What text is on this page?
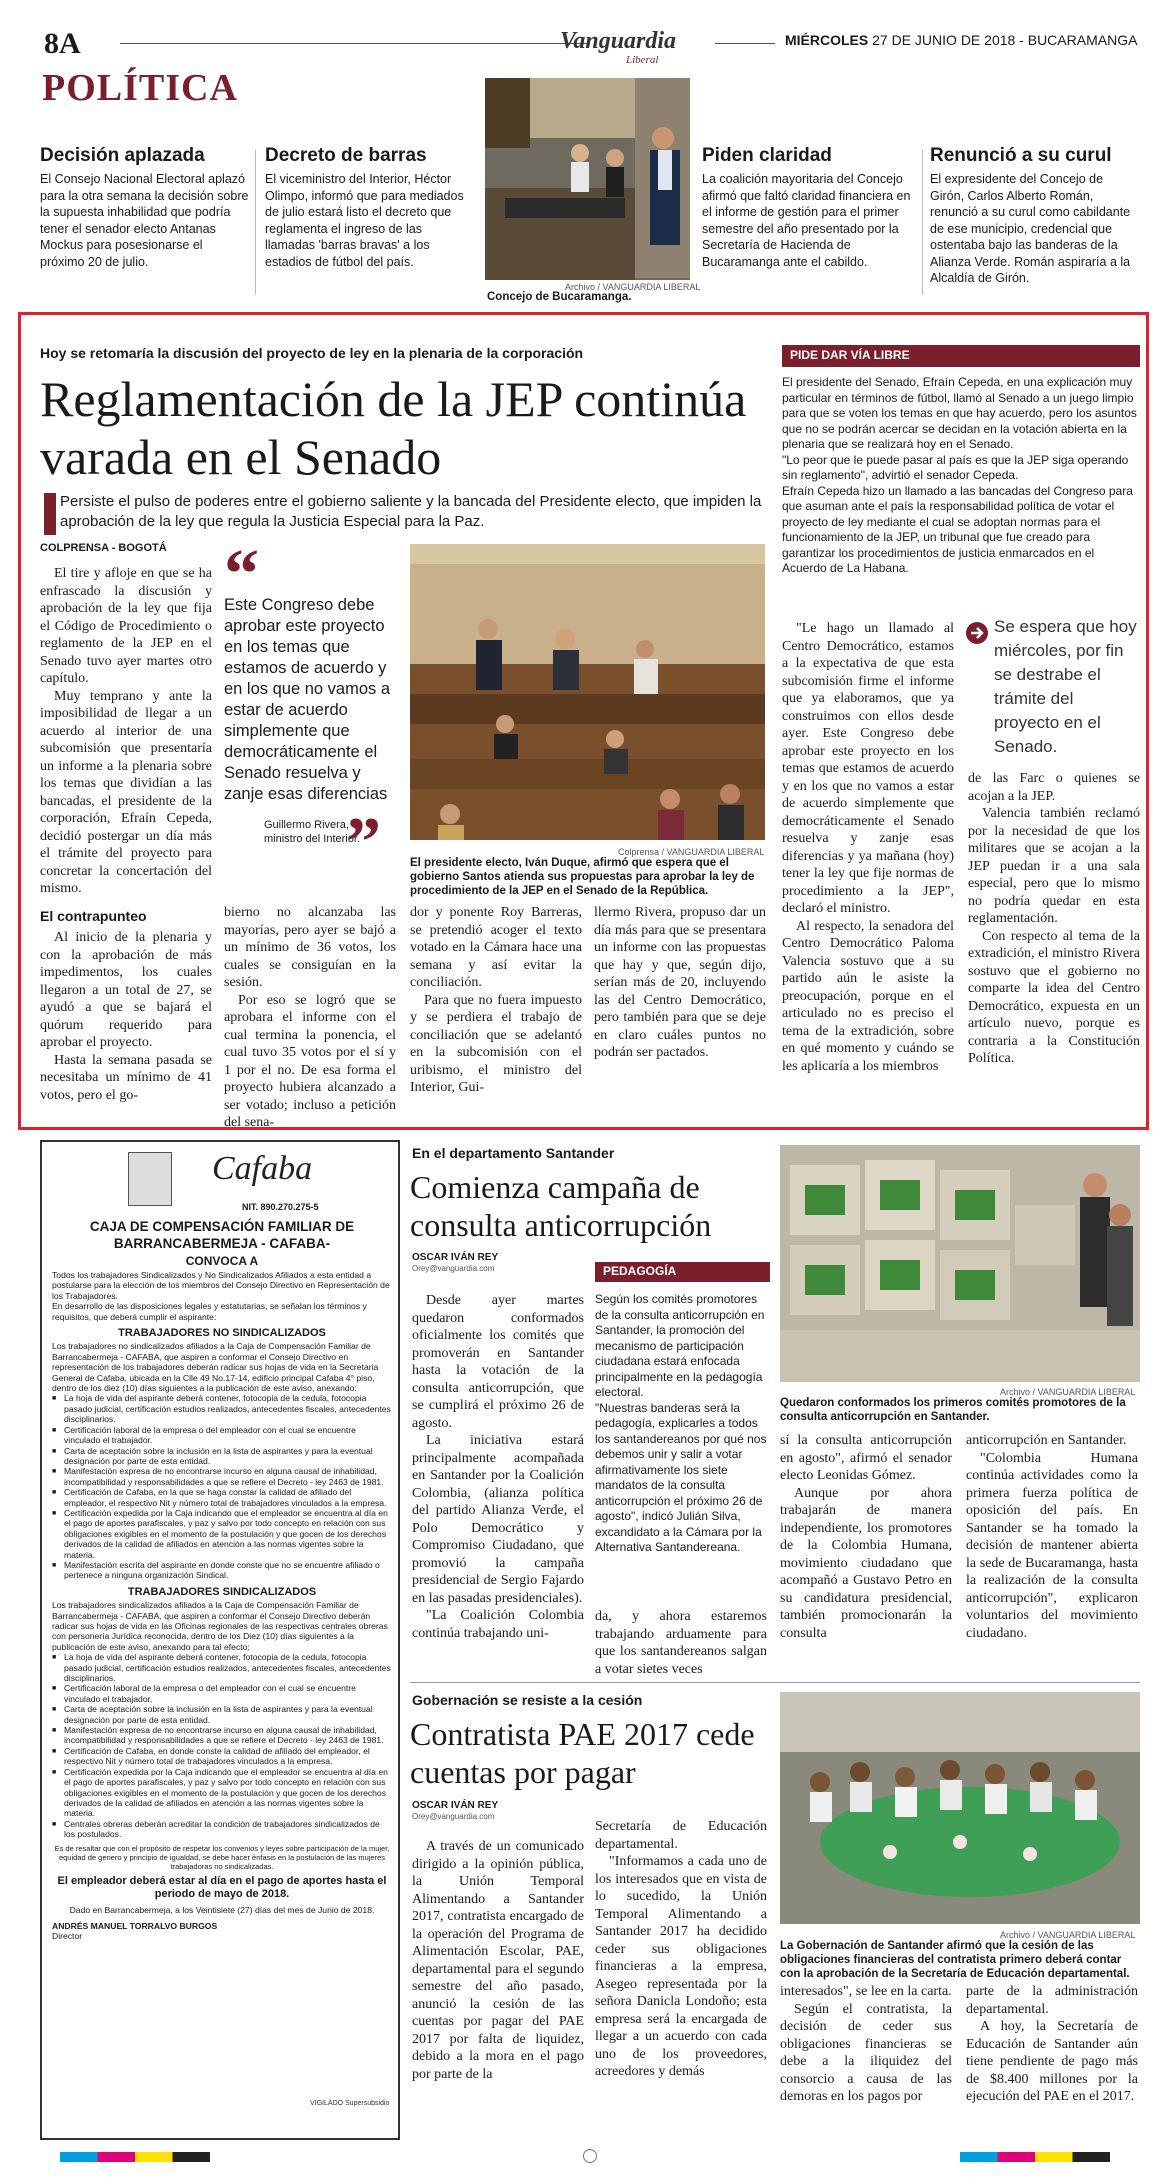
8A	Vanguardia
Liberal
MIÉRCOLES 27 DE JUNIO DE 2018 - BUCARAMANGA
POLÍTICA
Decisión aplazada
El Consejo Nacional Electoral aplazó para la otra semana la decisión sobre la supuesta inhabilidad que podría tener el senador electo Antanas Mockus para posesionarse el próximo 20 de julio.
Decreto de barras
El viceministro del Interior, Héctor Olimpo, informó que para mediados de julio estará listo el decreto que reglamenta el ingreso de las llamadas 'barras bravas' a los estadios de fútbol del país.
Archivo / VANGUARDIA LIBERAL
Concejo de Bucaramanga.
Piden claridad
La coalición mayoritaria del Concejo afirmó que faltó claridad financiera en el informe de gestión para el primer semestre del año presentado por la Secretaría de Hacienda de Bucaramanga ante el cabildo.
Renunció a su curul
El expresidente del Concejo de Girón, Carlos Alberto Román, renunció a su curul como cabildante de ese municipio, credencial que ostentaba bajo las banderas de la Alianza Verde. Román aspiraría a la Alcaldía de Girón.
Hoy se retomaría la discusión del proyecto de ley en la plenaria de la corporación
Reglamentación de la JEP continúa varada en el Senado
Persiste el pulso de poderes entre el gobierno saliente y la bancada del Presidente electo, que impiden la aprobación de la ley que regula la Justicia Especial para la Paz.
COLPRENSA - BOGOTÁ

El tire y afloje en que se ha enfrascado la discusión y aprobación de la ley que fija el Código de Procedimiento o reglamento de la JEP en el Senado tuvo ayer martes otro capítulo.

Muy temprano y ante la imposibilidad de llegar a un acuerdo al interior de una subcomisión que presentaría un informe a la plenaria sobre los temas que dividían a las bancadas, el presidente de la corporación, Efraín Cepeda, decidió postergar un día más el trámite del proyecto para concretar la concertación del mismo.

El contrapunteo

Al inicio de la plenaria y con la aprobación de más impedimentos, los cuales llegaron a un total de 27, se ayudó a que se bajará el quórum requerido para aprobar el proyecto.

Hasta la semana pasada se necesitaba un mínimo de 41 votos, pero el go-

“
Este Congreso debe aprobar este proyecto en los temas que estamos de acuerdo y en los que no vamos a estar de acuerdo simplemente que democráticamente el Senado resuelva y zanje esas diferencias
Guillermo Rivera, ministro del Interior.
”	Colprensa / VANGUARDIA LIBERAL
El presidente electo, Iván Duque, afirmó que espera que el gobierno Santos atienda sus propuestas para aprobar la ley de procedimiento de la JEP en el Senado de la República.

bierno no alcanzaba las mayorías, pero ayer se bajó a un mínimo de 36 votos, los cuales se consiguían en la sesión.

Por eso se logró que se aprobara el informe con el cual termina la ponencia, el cual tuvo 35 votos por el sí y 1 por el no. De esa forma el proyecto hubiera alcanzado a ser votado; incluso a petición del sena-

dor y ponente Roy Barreras, se pretendió acoger el texto votado en la Cámara hace una semana y así evitar la conciliación.

Para que no fuera impuesto y se perdiera el trabajo de conciliación que se adelantó en la subcomisión con el uribismo, el ministro del Interior, Gui-

llermo Rivera, propuso dar un día más para que se presentara un informe con las propuestas que hay y que, según dijo, serían más de 20, incluyendo las del Centro Democrático, pero también para que se deje en claro cuáles puntos no podrán ser pactados.

PIDE DAR VÍA LIBRE

El presidente del Senado, Efraín Cepeda, en una explicación muy particular en términos de fútbol, llamó al Senado a un juego limpio para que se voten los temas en que hay acuerdo, pero los asuntos que no se podrán acercar se decidan en la votación abierta en la plenaria que se realizará hoy en el Senado.

"Lo peor que le puede pasar al país es que la JEP siga operando sin reglamento", advirtió el senador Cepeda.

Efraín Cepeda hizo un llamado a las bancadas del Congreso para que asuman ante el país la responsabilidad política de votar el proyecto de ley mediante el cual se adoptan normas para el funcionamiento de la JEP, un tribunal que fue creado para garantizar los procedimientos de justicia enmarcados en el Acuerdo de La Habana.

"Le hago un llamado al Centro Democrático, estamos a la expectativa de que esta subcomisión firme el informe que ya elaboramos, que ya construimos con ellos desde ayer. Este Congreso debe aprobar este proyecto en los temas que estamos de acuerdo y en los que no vamos a estar de acuerdo simplemente que democráticamente el Senado resuelva y zanje esas diferencias y ya mañana (hoy) tener la ley que fije normas de procedimiento a la JEP", declaró el ministro.

Al respecto, la senadora del Centro Democrático Paloma Valencia sostuvo que a su partido aún le asiste la preocupación, porque en el articulado no es preciso el tema de la extradición, sobre en qué momento y cuándo se les aplicaría a los miembros

Se espera que hoy miércoles, por fin se destrabe el trámite del proyecto en el Senado.

de las Farc o quienes se acojan a la JEP.

Valencia también reclamó por la necesidad de que los militares que se acojan a la JEP puedan ir a una sala especial, pero que lo mismo no podría quedar en esta reglamentación.

Con respecto al tema de la extradición, el ministro Rivera sostuvo que el gobierno no comparte la idea del Centro Democrático, expuesta en un artículo nuevo, porque es contraria a la Constitución Política.

Cafaba
NIT. 890.270.275-5
CAJA DE COMPENSACIÓN FAMILIAR DE BARRANCABERMEJA - CAFABA-
CONVOCA A

Todos los trabajadores Sindicalizados y No Sindicalizados Afiliados a esta entidad a postularse para la elección de los miembros del Consejo Directivo en Representación de los Trabajadores.

En desarrollo de las disposiciones legales y estatutarias, se señalan los términos y requisitos, que deberá cumplir el aspirante:

TRABAJADORES NO SINDICALIZADOS

Los trabajadores no sindicalizados afiliados a la Caja de Compensación Familiar de Barrancabermeja - CAFABA, que aspiren a conformar el Consejo Directivo en representación de los trabajadores deberán radicar sus hojas de vida en la Secretaria General de Cafaba, ubicada en la Clle 49 No.17-14, edificio principal Cafaba 4° piso, dentro de los diez (10) días siguientes a la publicación de este aviso, anexando:

■ La hoja de vida del aspirante deberá contener, fotocopia de la cedula, fotocopia pasado judicial, certificación estudios realizados, antecedentes fiscales, antecedentes disciplinarios.
■ Certificación laboral de la empresa o del empleador con el cual se encuentre vinculado el trabajador.
■ Carta de aceptación sobre la inclusión en la lista de aspirantes y para la eventual designación por parte de esta entidad.
■ Manifestación expresa de no encontrarse incurso en alguna causal de inhabilidad, incompatibilidad y responsabilidades a que se refiere el Decreto - ley 2463 de 1981.
■ Certificación de Cafaba, en la que se haga constar la calidad de afiliado del empleador, el respectivo Nit y número total de trabajadores vinculados a la empresa.
■ Certificación expedida por la Caja indicando que el empleador se encuentra al día en el pago de aportes parafiscales, y paz y salvo por todo concepto en relación con sus obligaciones exigibles en el momento de la postulación y que gocen de los derechos derivados de la calidad de afiliados en atención a las normas vigentes sobre la materia.
■ Manifestación escrita del aspirante en donde conste que no se encuentre afiliado o pertenece a ninguna organización Sindical.
TRABAJADORES SINDICALIZADOS

Los trabajadores sindicalizados afiliados a la Caja de Compensación Familiar de Barrancabermeja - CAFABA, que aspiren a conformar el Consejo Directivo deberán radicar sus hojas de vida en las Oficinas regionales de las respectivas centrales obreras con personería Jurídica reconocida, dentro de los Diez (10) días siguientes a la publicación de este aviso, anexando para tal efecto:

■ La hoja de vida del aspirante deberá contener, fotocopia de la cedula, fotocopia pasado judicial, certificación estudios realizados, antecedentes fiscales, antecedentes disciplinarios.
■ Certificación laboral de la empresa o del empleador con el cual se encuentre vinculado el trabajador.
■ Carta de aceptación sobre la inclusión en la lista de aspirantes y para la eventual designación por parte de esta entidad.
■ Manifestación expresa de no encontrarse incurso en alguna causal de inhabilidad, incompatibilidad y responsabilidades a que se refiere el Decreto - ley 2463 de 1981.
■ Certificación de Cafaba, en donde conste la calidad de afiliado del empleador, el respectivo Nit y número total de trabajadores vinculados a la empresa.
■ Certificación expedida por la Caja indicando que el empleador se encuentra al día en el pago de aportes parafiscales, y paz y salvo por todo concepto en relación con sus obligaciones exigibles en el momento de la postulación y que gocen de los derechos derivados de la calidad de afiliados en atención a las normas vigentes sobre la materia.
■ Centrales obreras deberán acreditar la condición de trabajadores sindicalizados de los postulados.

Es de resaltar que con el propósito de respetar los convenios y leyes sobre participación de la mujer, equidad de genero y principio de igualdad, se debe hacer énfasis en la postulación de las mujeres trabajadoras no sindicalizadas.

El empleador deberá estar al día en el pago de aportes hasta el periodo de mayo de 2018.

Dado en Barrancabermeja, a los Veintisiete (27) días del mes de Junio de 2018.

ANDRÉS MANUEL TORRALVO BURGOS

Director

VIGILADO Supersubsidio
En el departamento Santander
Comienza campaña de consulta anticorrupción
OSCAR IVÁN REY
Orey@vanguardia.com

Desde ayer martes quedaron conformados oficialmente los comités que promoverán en Santander hasta la votación de la consulta anticorrupción, que se cumplirá el próximo 26 de agosto.

La iniciativa estará principalmente acompañada en Santander por la Coalición Colombia, (alianza política del partido Alianza Verde, el Polo Democrático y Compromiso Ciudadano, que promovió la campaña presidencial de Sergio Fajardo en las pasadas presidenciales).

"La Coalición Colombia continúa trabajando uni-

PEDAGOGÍA

Según los comités promotores de la consulta anticorrupción en Santander, la promoción del mecanismo de participación ciudadana estará enfocada principalmente en la pedagogía electoral.

"Nuestras banderas será la pedagogía, explicarles a todos los santandereanos por qué nos debemos unir y salir a votar afirmativamente los siete mandatos de la consulta anticorrupción el próximo 26 de agosto", indicó Julián Silva, excandidato a la Cámara por la Alternativa Santandereana.

da, y ahora estaremos trabajando arduamente para que los santandereanos salgan a votar sietes veces

Archivo / VANGUARDIA LIBERAL
Quedaron conformados los primeros comités promotores de la consulta anticorrupción en Santander.

sí la consulta anticorrupción en agosto", afirmó el senador electo Leonidas Gómez.

Aunque por ahora trabajarán de manera independiente, los promotores de la Colombia Humana, movimiento ciudadano que acompañó a Gustavo Petro en su candidatura presidencial, también promocionarán la consulta

anticorrupción en Santander.

"Colombia Humana continúa actividades como la primera fuerza política de oposición del país. En Santander se ha tomado la decisión de mantener abierta la sede de Bucaramanga, hasta la realización de la consulta anticorrupción", explicaron voluntarios del movimiento ciudadano.

Gobernación se resiste a la cesión
Contratista PAE 2017 cede cuentas por pagar
OSCAR IVÁN REY
Orey@vanguardia.com

A través de un comunicado dirigido a la opinión pública, la Unión Temporal Alimentando a Santander 2017, contratista encargado de la operación del Programa de Alimentación Escolar, PAE, departamental para el segundo semestre del año pasado, anunció la cesión de las cuentas por pagar del PAE 2017 por falta de liquidez, debido a la mora en el pago por parte de la

Secretaría de Educación departamental.

"Informamos a cada uno de los interesados que en vista de lo sucedido, la Unión Temporal Alimentando a Santander 2017 ha decidido ceder sus obligaciones financieras a la empresa, Asegeo representada por la señora Danicla Londoño; esta empresa será la encargada de llegar a un acuerdo con cada uno de los proveedores, acreedores y demás

Archivo / VANGUARDIA LIBERAL
La Gobernación de Santander afirmó que la cesión de las obligaciones financieras del contratista primero deberá contar con la aprobación de la Secretaría de Educación departamental.

interesados", se lee en la carta.

Según el contratista, la decisión de ceder sus obligaciones financieras se debe a la iliquidez del consorcio a causa de las demoras en los pagos por

parte de la administración departamental.

A hoy, la Secretaría de Educación de Santander aún tiene pendiente de pago más de $8.400 millones por la ejecución del PAE en el 2017.
